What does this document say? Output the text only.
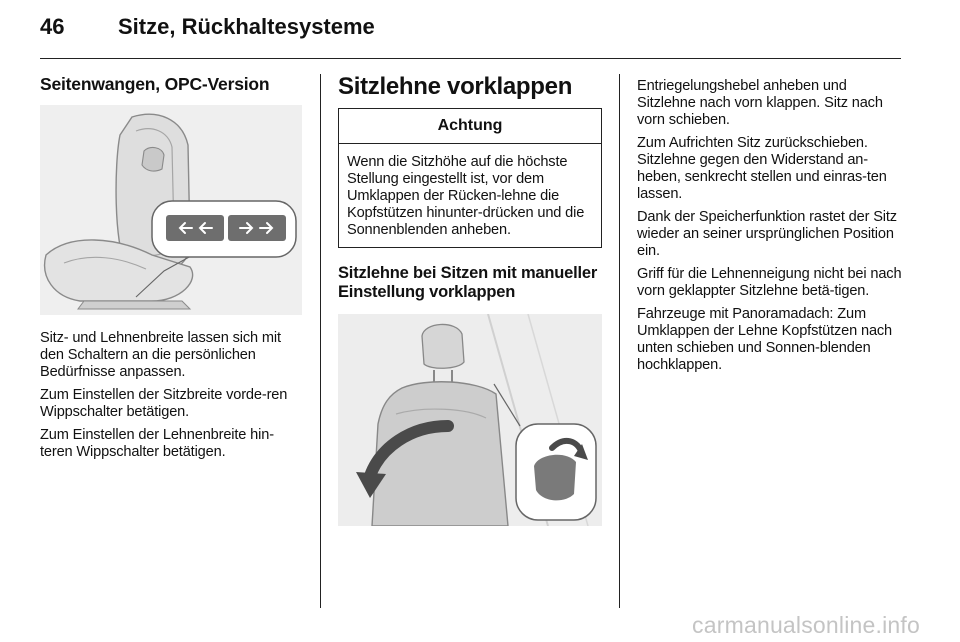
46 Sitze, Rückhaltesysteme
Seitenwangen, OPC-Version

Sitz- und Lehnenbreite lassen sich mit den Schaltern an die persönlichen Bedürfnisse anpassen.

Zum Einstellen der Sitzbreite vorde-ren Wippschalter betätigen.

Zum Einstellen der Lehnenbreite hin-teren Wippschalter betätigen.

Sitzlehne vorklappen
Achtung
Wenn die Sitzhöhe auf die höchste Stellung eingestellt ist, vor dem Umklappen der Rücken-lehne die Kopfstützen hinunter-drücken und die Sonnenblenden anheben.
Sitzlehne bei Sitzen mit manueller Einstellung vorklappen

Entriegelungshebel anheben und Sitzlehne nach vorn klappen. Sitz nach vorn schieben.

Zum Aufrichten Sitz zurückschieben. Sitzlehne gegen den Widerstand an-heben, senkrecht stellen und einras-ten lassen.

Dank der Speicherfunktion rastet der Sitz wieder an seiner ursprünglichen Position ein.

Griff für die Lehnenneigung nicht bei nach vorn geklappter Sitzlehne betä-tigen.

Fahrzeuge mit Panoramadach: Zum Umklappen der Lehne Kopfstützen nach unten schieben und Sonnen-blenden hochklappen.

carmanualsonline.info
